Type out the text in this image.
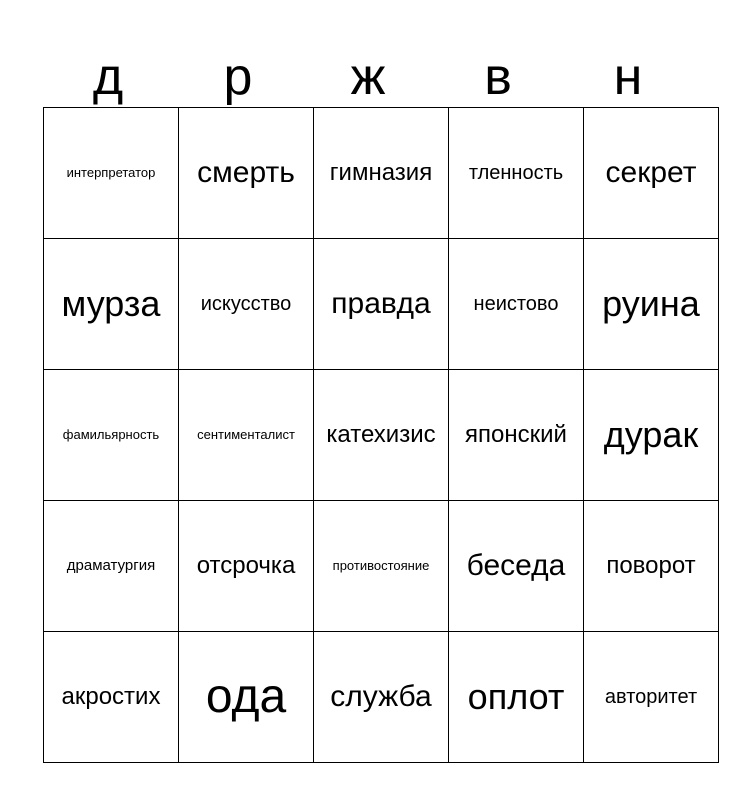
д	р	ж	в	н
интерпретатор	смерть	гимназия	тленность	секрет
мурза	искусство	правда	неистово	руина
фамильярность	сентименталист	катехизис	японский	дурак
драматургия	отсрочка	противостояние	беседа	поворот
акростих	ода	служба	оплот	авторитет
